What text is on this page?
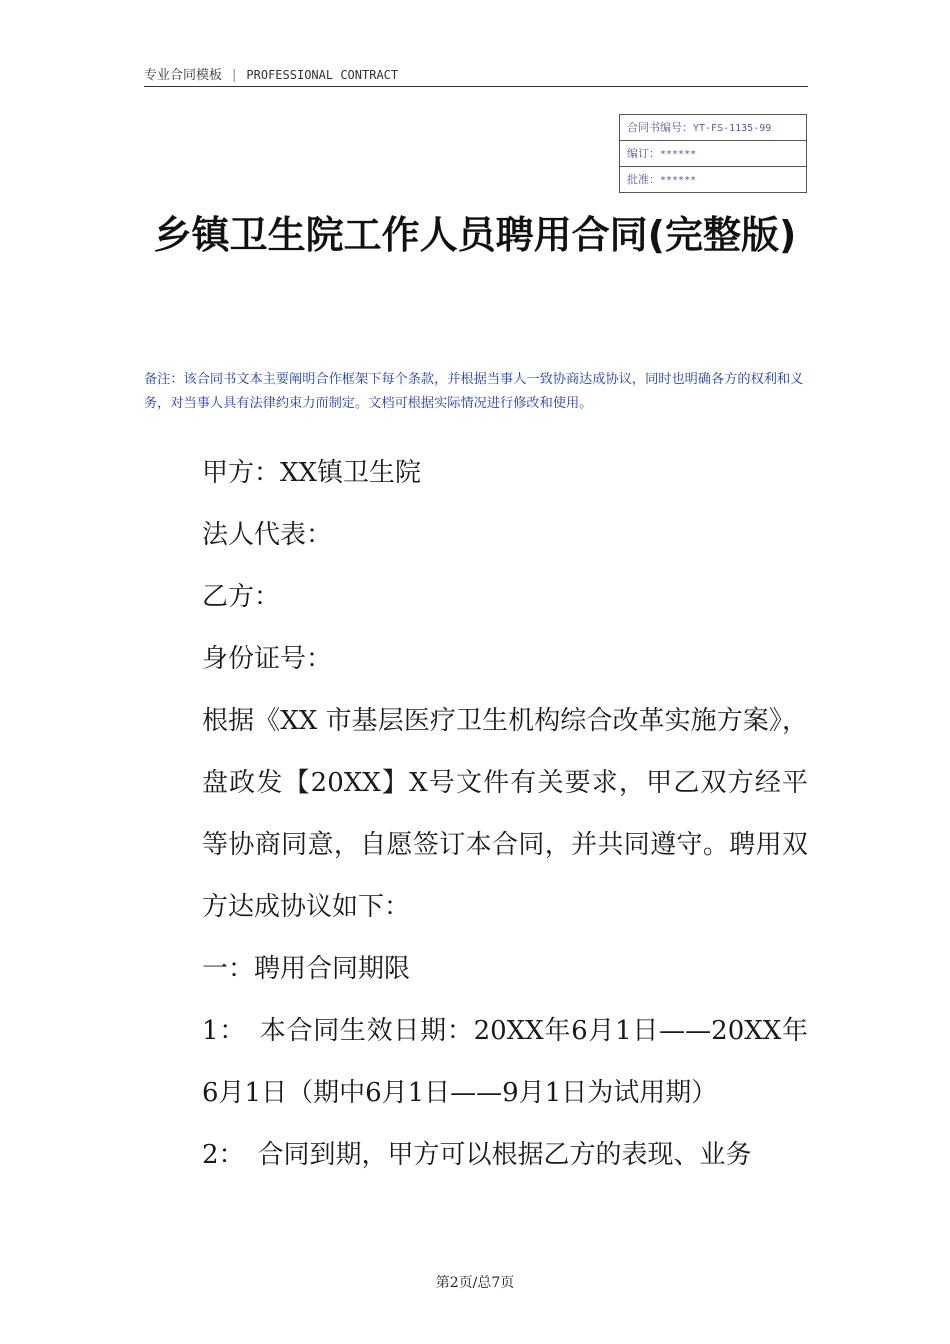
专业合同模板 | PROFESSIONAL CONTRACT
合同书编号：YT-FS-1135-99
编订：******
批准：******
乡镇卫生院工作人员聘用合同(完整版)
备注：该合同书文本主要阐明合作框架下每个条款，并根据当事人一致协商达成协议，同时也明确各方的权利和义务，对当事人具有法律约束力而制定。文档可根据实际情况进行修改和使用。

甲方：XX镇卫生院

法人代表：

乙方：

身份证号：

根据《XX 市基层医疗卫生机构综合改革实施方案》，盘政发【20XX】X号文件有关要求，甲乙双方经平等协商同意，自愿签订本合同，并共同遵守。聘用双方达成协议如下：

一：聘用合同期限

1：　本合同生效日期：20XX年6月1日——20XX年6月1日（期中6月1日——9月1日为试用期）

2：　合同到期，甲方可以根据乙方的表现、业务

第2页/总7页
